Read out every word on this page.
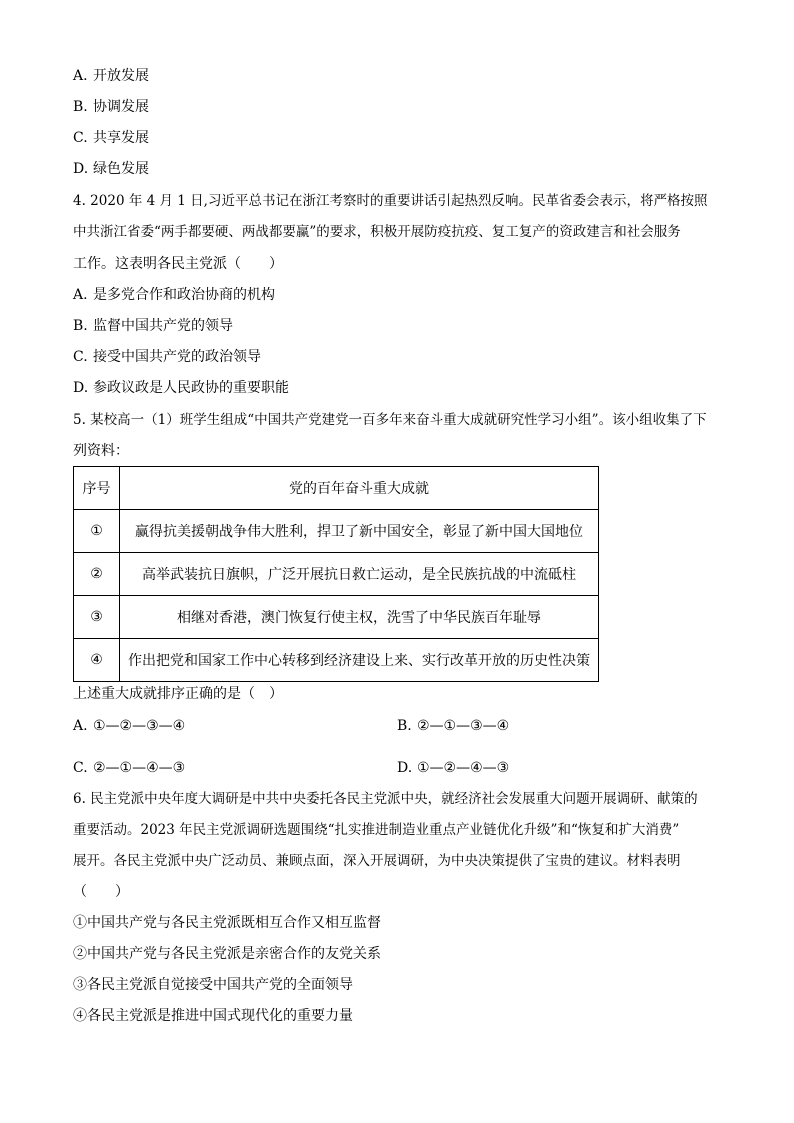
A. 开放发展
B. 协调发展
C. 共享发展
D. 绿色发展
4. 2020 年 4 月 1 日,习近平总书记在浙江考察时的重要讲话引起热烈反响。民革省委会表示，将严格按照
中共浙江省委“两手都要硬、两战都要赢”的要求，积极开展防疫抗疫、复工复产的资政建言和社会服务
工作。这表明各民主党派（　　）
A. 是多党合作和政治协商的机构
B. 监督中国共产党的领导
C. 接受中国共产党的政治领导
D. 参政议政是人民政协的重要职能
5. 某校高一（1）班学生组成“中国共产党建党一百多年来奋斗重大成就研究性学习小组”。该小组收集了下
列资料：
序号	党的百年奋斗重大成就
①	赢得抗美援朝战争伟大胜利，捍卫了新中国安全，彰显了新中国大国地位
②	高举武装抗日旗帜，广泛开展抗日救亡运动，是全民族抗战的中流砥柱
③	相继对香港，澳门恢复行使主权，洗雪了中华民族百年耻辱
④	作出把党和国家工作中心转移到经济建设上来、实行改革开放的历史性决策
上述重大成就排序正确的是（　）
A. ①—②—③—④	B. ②—①—③—④
C. ②—①—④—③	D. ①—②—④—③
6. 民主党派中央年度大调研是中共中央委托各民主党派中央，就经济社会发展重大问题开展调研、献策的
重要活动。2023 年民主党派调研选题围绕“扎实推进制造业重点产业链优化升级”和“恢复和扩大消费”
展开。各民主党派中央广泛动员、兼顾点面，深入开展调研，为中央决策提供了宝贵的建议。材料表明
（　　）
①中国共产党与各民主党派既相互合作又相互监督
②中国共产党与各民主党派是亲密合作的友党关系
③各民主党派自觉接受中国共产党的全面领导
④各民主党派是推进中国式现代化的重要力量
